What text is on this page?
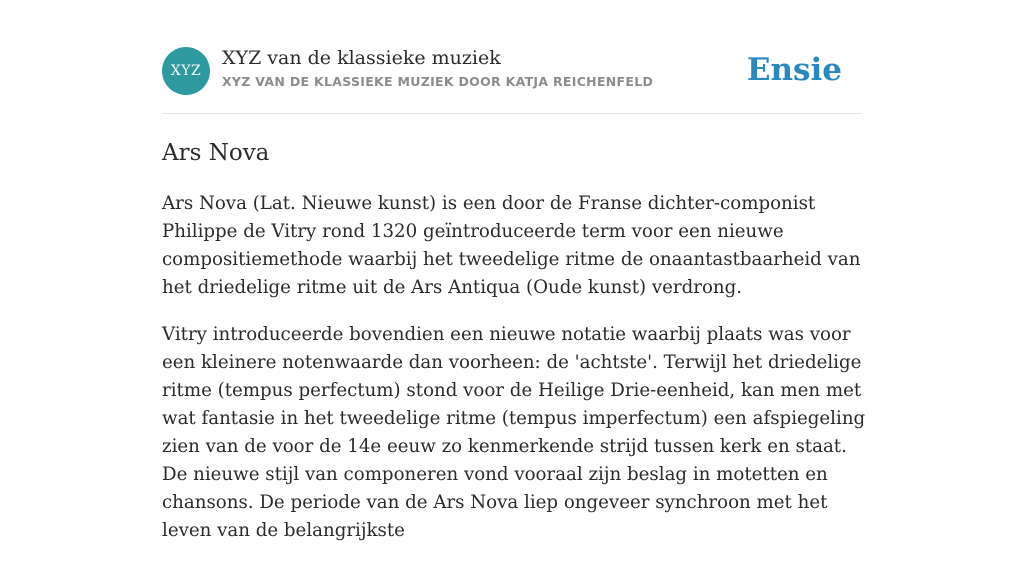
XYZ
XYZ van de klassieke muziek
XYZ VAN DE KLASSIEKE MUZIEK DOOR KATJA REICHENFELD	Ensie
Ars Nova

Ars Nova (Lat. Nieuwe kunst) is een door de Franse dichter-componist Philippe de Vitry rond 1320 geïntroduceerde term voor een nieuwe compositiemethode waarbij het tweedelige ritme de onaantastbaarheid van het driedelige ritme uit de Ars Antiqua (Oude kunst) verdrong.

Vitry introduceerde bovendien een nieuwe notatie waarbij plaats was voor een kleinere notenwaarde dan voorheen: de 'achtste'. Terwijl het driedelige ritme (tempus perfectum) stond voor de Heilige Drie-eenheid, kan men met wat fantasie in het tweedelige ritme (tempus imperfectum) een afspiegeling zien van de voor de 14e eeuw zo kenmerkende strijd tussen kerk en staat. De nieuwe stijl van componeren vond vooraal zijn beslag in motetten en chansons. De periode van de Ars Nova liep ongeveer synchroon met het leven van de belangrijkste
